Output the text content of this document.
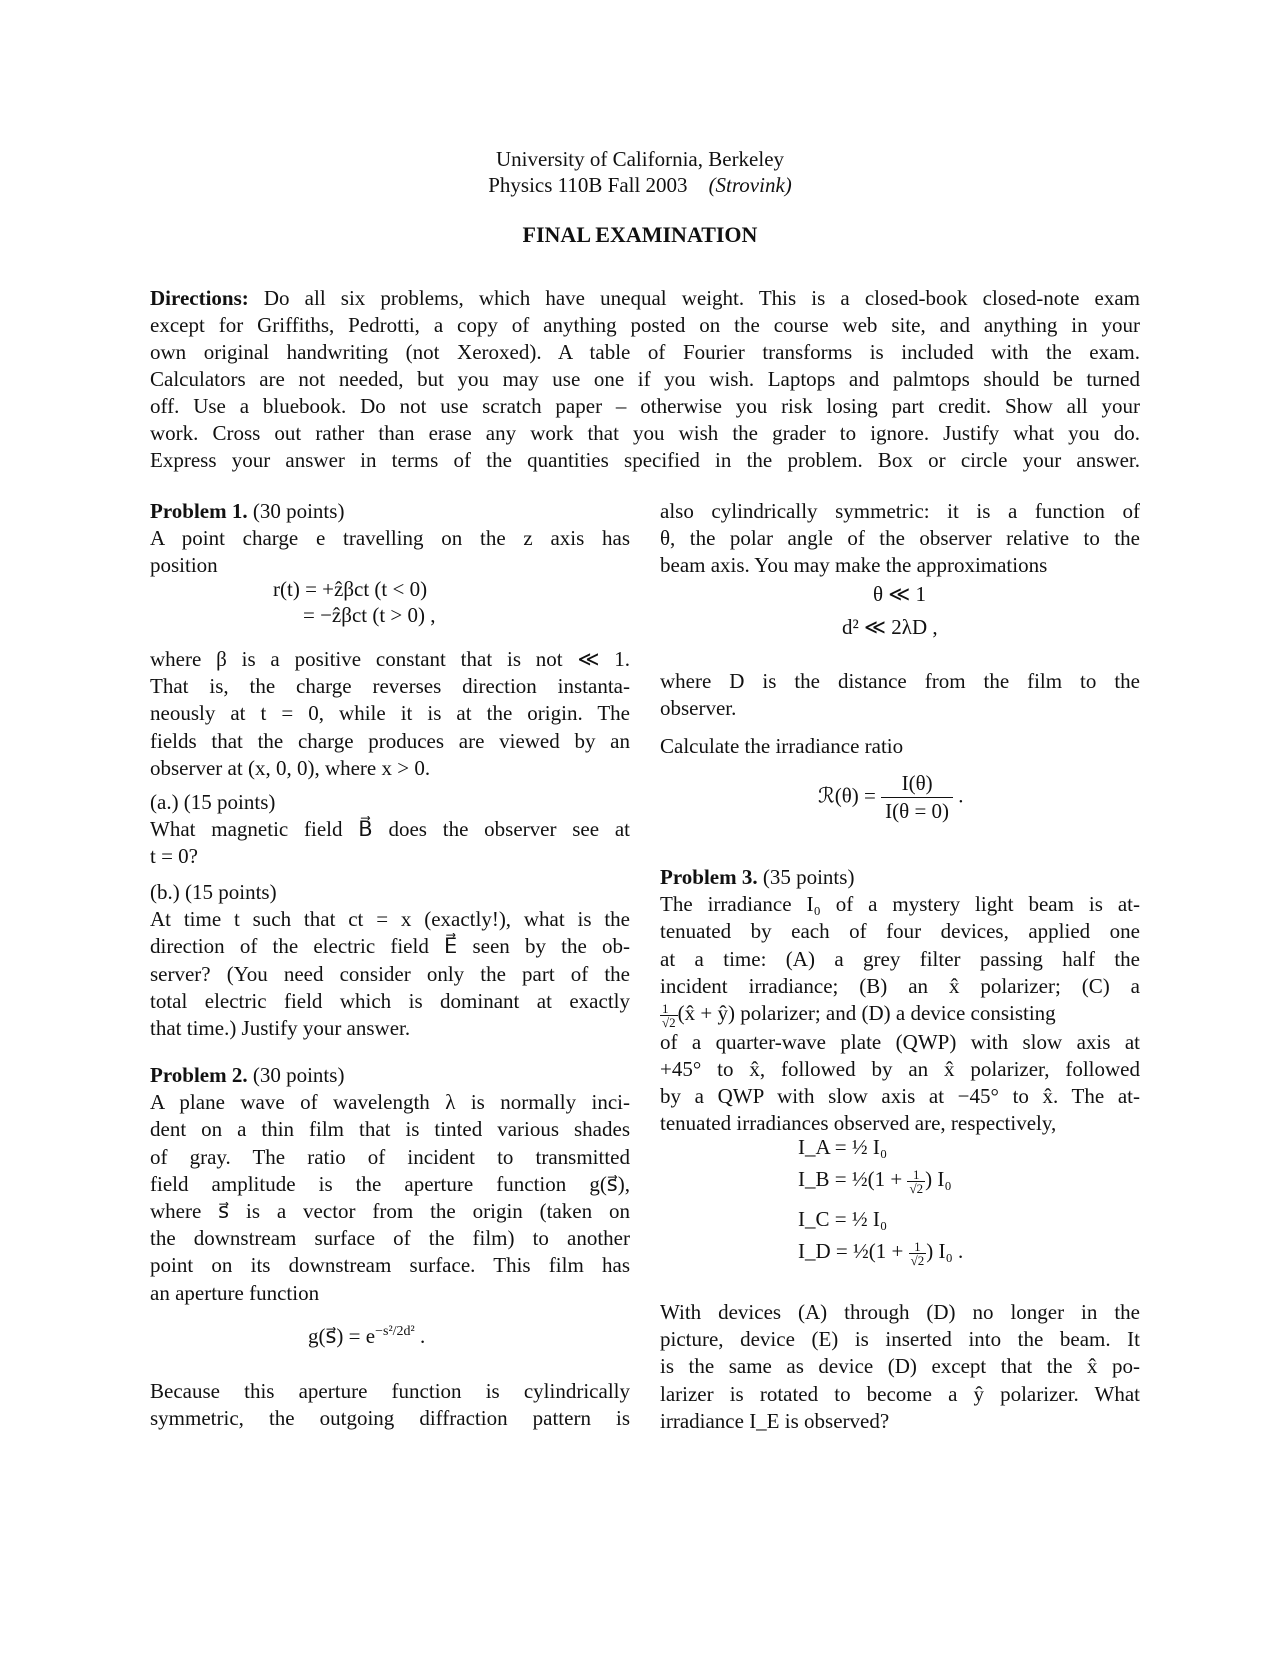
University of California, Berkeley
Physics 110B Fall 2003 (Strovink)
FINAL EXAMINATION
Directions: Do all six problems, which have unequal weight. This is a closed-book closed-note exam
except for Griffiths, Pedrotti, a copy of anything posted on the course web site, and anything in your
own original handwriting (not Xeroxed). A table of Fourier transforms is included with the exam.
Calculators are not needed, but you may use one if you wish. Laptops and palmtops should be turned
off. Use a bluebook. Do not use scratch paper – otherwise you risk losing part credit. Show all your
work. Cross out rather than erase any work that you wish the grader to ignore. Justify what you do.
Express your answer in terms of the quantities specified in the problem. Box or circle your answer.
Problem 1. (30 points)
A point charge e travelling on the z axis has
position
r(t) = +ẑβct (t < 0)
= −ẑβct (t > 0) ,
where β is a positive constant that is not ≪ 1.
That is, the charge reverses direction instanta-
neously at t = 0, while it is at the origin. The
fields that the charge produces are viewed by an
observer at (x, 0, 0), where x > 0.
(a.) (15 points)
What magnetic field B⃗ does the observer see at
t = 0?
(b.) (15 points)
At time t such that ct = x (exactly!), what is the
direction of the electric field E⃗ seen by the ob-
server? (You need consider only the part of the
total electric field which is dominant at exactly
that time.) Justify your answer.
Problem 2. (30 points)
A plane wave of wavelength λ is normally inci-
dent on a thin film that is tinted various shades
of gray. The ratio of incident to transmitted
field amplitude is the aperture function g(s⃗),
where s⃗ is a vector from the origin (taken on
the downstream surface of the film) to another
point on its downstream surface. This film has
an aperture function
g(s⃗) = $e^{-s^2/2d^2}$ .
Because this aperture function is cylindrically
symmetric, the outgoing diffraction pattern is
also cylindrically symmetric: it is a function of
θ, the polar angle of the observer relative to the
beam axis. You may make the approximations
θ ≪ 1
d² ≪ 2λD ,
where D is the distance from the film to the
observer.
Calculate the irradiance ratio
ℛ(θ) = $\frac{I(\theta)}{I(\theta = 0)}$ .
Problem 3. (35 points)
The irradiance I₀ of a mystery light beam is at-
tenuated by each of four devices, applied one
at a time: (A) a grey filter passing half the
incident irradiance; (B) an x̂ polarizer; (C) a
$\frac{1}{√2}$ (x̂ + ŷ) polarizer; and (D) a device consisting
of a quarter-wave plate (QWP) with slow axis at
+45° to x̂, followed by an x̂ polarizer, followed
by a QWP with slow axis at −45° to x̂. The at-
tenuated irradiances observed are, respectively,
I_A = ½ I₀
I_B = ½(1 + $\frac{1}{√2}$ ) I₀
I_C = ½ I₀
I_D = ½(1 + $\frac{1}{√2}$ ) I₀ .
With devices (A) through (D) no longer in the
picture, device (E) is inserted into the beam. It
is the same as device (D) except that the x̂ po-
larizer is rotated to become a ŷ polarizer. What
irradiance I_E is observed?
